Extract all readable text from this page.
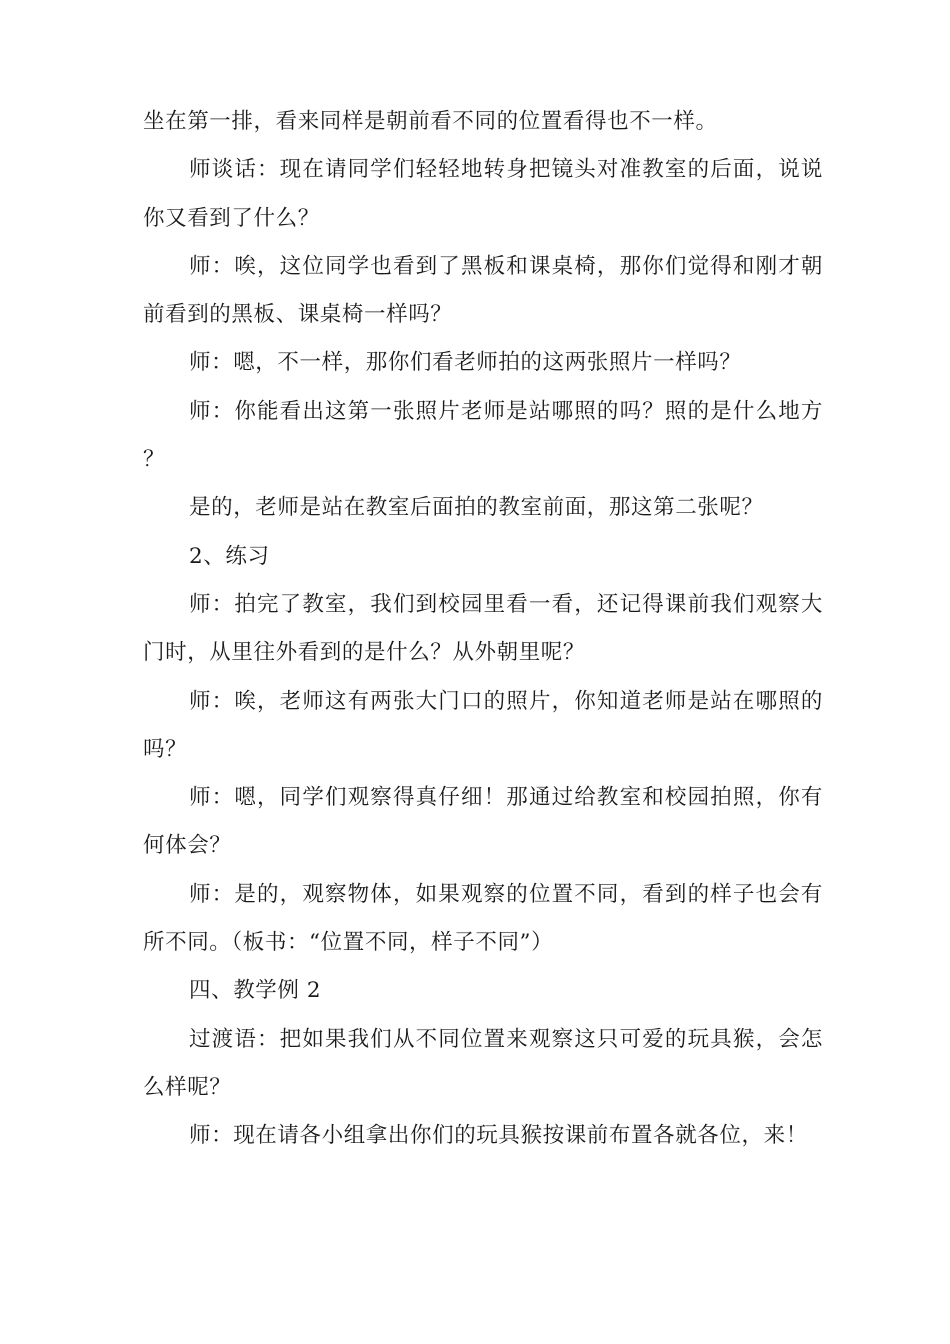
坐在第一排，看来同样是朝前看不同的位置看得也不一样。

师谈话：现在请同学们轻轻地转身把镜头对准教室的后面，说说你又看到了什么？

师：唉，这位同学也看到了黑板和课桌椅，那你们觉得和刚才朝前看到的黑板、课桌椅一样吗？

师：嗯，不一样，那你们看老师拍的这两张照片一样吗？

师：你能看出这第一张照片老师是站哪照的吗？照的是什么地方？

是的，老师是站在教室后面拍的教室前面，那这第二张呢？

2、练习

师：拍完了教室，我们到校园里看一看，还记得课前我们观察大门时，从里往外看到的是什么？从外朝里呢？

师：唉，老师这有两张大门口的照片，你知道老师是站在哪照的吗？

师：嗯，同学们观察得真仔细！那通过给教室和校园拍照，你有何体会？

师：是的，观察物体，如果观察的位置不同，看到的样子也会有所不同。（板书：“位置不同，样子不同”）

四、教学例 2

过渡语：把如果我们从不同位置来观察这只可爱的玩具猴，会怎么样呢？

师：现在请各小组拿出你们的玩具猴按课前布置各就各位，来！
